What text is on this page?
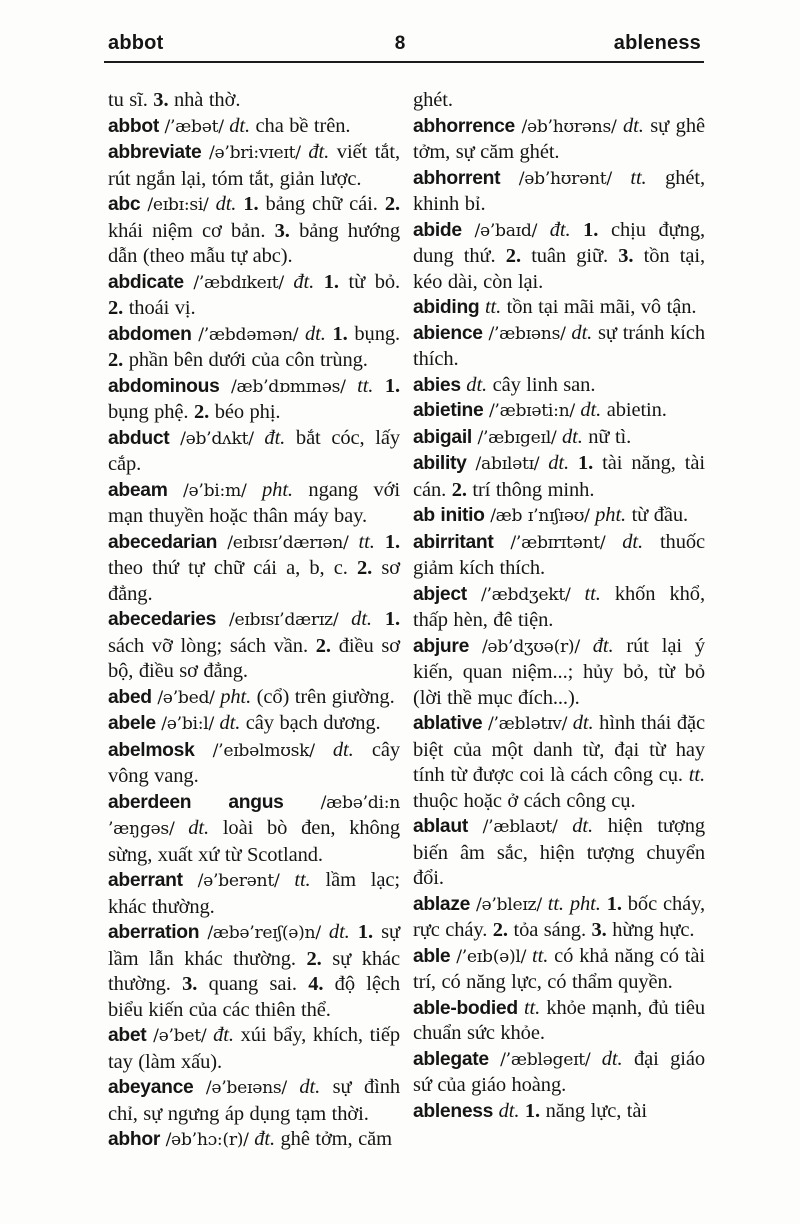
abbot	ableness
8

tu sĩ. 3. nhà thờ.

abbot /’æbət/ dt. cha bề trên.

abbreviate /ə’bri:vɪeɪt/ đt. viết tắt, rút ngắn lại, tóm tắt, giản lược.

abc /eɪbɪ:si/ dt. 1. bảng chữ cái. 2. khái niệm cơ bản. 3. bảng hướng dẫn (theo mẫu tự abc).

abdicate /’æbdɪkeɪt/ đt. 1. từ bỏ. 2. thoái vị.

abdomen /’æbdəmən/ dt. 1. bụng. 2. phần bên dưới của côn trùng.

abdominous /æb’dɒmɪnəs/ tt. 1. bụng phệ. 2. béo phị.

abduct /əb’dʌkt/ đt. bắt cóc, lấy cắp.

abeam /ə’bi:m/ pht. ngang với mạn thuyền hoặc thân máy bay.

abecedarian /eɪbɪsɪ’dærɪən/ tt. 1. theo thứ tự chữ cái a, b, c. 2. sơ đẳng.

abecedaries /eɪbɪsɪ’dærɪz/ dt. 1. sách vỡ lòng; sách vần. 2. điều sơ bộ, điều sơ đẳng.

abed /ə’bed/ pht. (cổ) trên giường.

abele /ə’bi:l/ dt. cây bạch dương.

abelmosk /’eɪbəlmʊsk/ dt. cây vông vang.

aberdeen angus /æbə’di:n ’æŋgəs/ dt. loài bò đen, không sừng, xuất xứ từ Scotland.

aberrant /ə’berənt/ tt. lầm lạc; khác thường.

aberration /æbə’reɪʃ(ə)n/ dt. 1. sự lầm lẫn khác thường. 2. sự khác thường. 3. quang sai. 4. độ lệch biểu kiến của các thiên thể.

abet /ə’bet/ đt. xúi bẩy, khích, tiếp tay (làm xấu).

abeyance /ə’beɪəns/ dt. sự đình chỉ, sự ngưng áp dụng tạm thời.

abhor /əb’hɔ:(r)/ đt. ghê tởm, căm

ghét.

abhorrence /əb’hʊrəns/ dt. sự ghê tởm, sự căm ghét.

abhorrent /əb’hʊrənt/ tt. ghét, khinh bỉ.

abide /ə’baɪd/ đt. 1. chịu đựng, dung thứ. 2. tuân giữ. 3. tồn tại, kéo dài, còn lại.

abiding tt. tồn tại mãi mãi, vô tận.

abience /’æbɪəns/ dt. sự tránh kích thích.

abies dt. cây linh san.

abietine /’æbɪəti:n/ dt. abietin.

abigail /’æbɪgeɪl/ dt. nữ tì.

ability /abɪlətɪ/ dt. 1. tài năng, tài cán. 2. trí thông minh.

ab initio /æb ɪ’nɪʃɪəʊ/ pht. từ đầu.

abirritant /’æbɪrɪtənt/ dt. thuốc giảm kích thích.

abject /’æbdʒekt/ tt. khốn khổ, thấp hèn, đê tiện.

abjure /əb’dʒʊə(r)/ đt. rút lại ý kiến, quan niệm...; hủy bỏ, từ bỏ (lời thề mục đích...).

ablative /’æblətɪv/ dt. hình thái đặc biệt của một danh từ, đại từ hay tính từ được coi là cách công cụ. tt. thuộc hoặc ở cách công cụ.

ablaut /’æblaʊt/ dt. hiện tượng biến âm sắc, hiện tượng chuyển đổi.

ablaze /ə’bleɪz/ tt. pht. 1. bốc cháy, rực cháy. 2. tỏa sáng. 3. hừng hực.

able /’eɪb(ə)l/ tt. có khả năng có tài trí, có năng lực, có thẩm quyền.

able-bodied tt. khỏe mạnh, đủ tiêu chuẩn sức khỏe.

ablegate /’æbləgeɪt/ dt. đại giáo sứ của giáo hoàng.

ableness dt. 1. năng lực, tài
